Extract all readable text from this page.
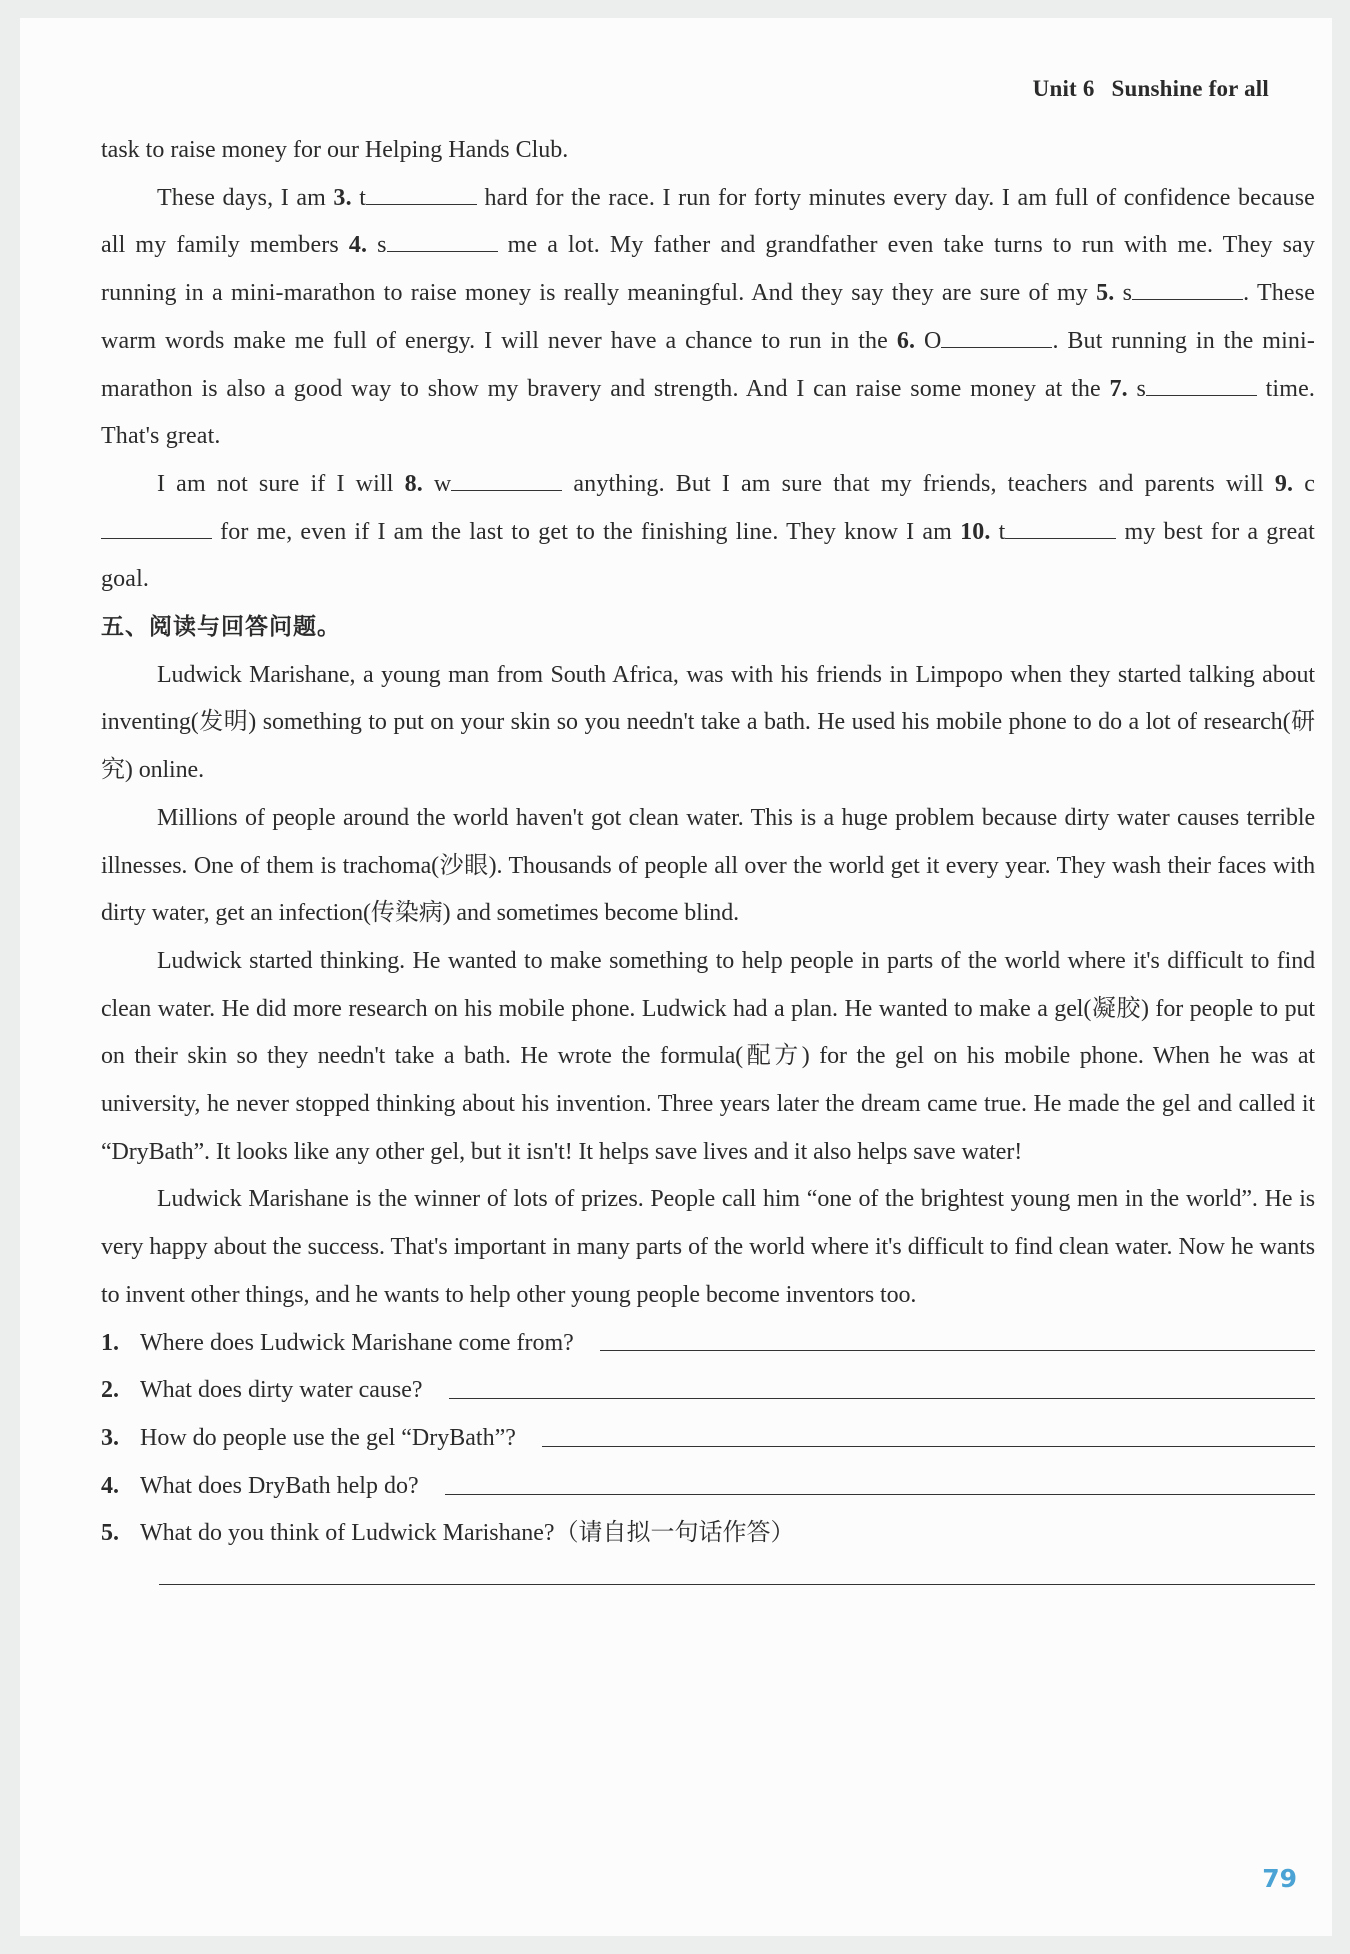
Unit 6 Sunshine for all

task to raise money for our Helping Hands Club.

These days, I am 3. t	hard for the race. I run for forty minutes every day. I am full of confidence because all my family members 4. s	me a lot. My father and grandfather even take turns to run with me. They say running in a mini-marathon to raise money is really meaningful. And they say they are sure of my 5. s	. These warm words make me full of energy. I will never have a chance to run in the 6. O	. But running in the mini-marathon is also a good way to show my bravery and strength. And I can raise some money at the 7. s	time. That's great.

I am not sure if I will 8. w	anything. But I am sure that my friends, teachers and parents will 9. c for me, even if I am the last to get to the finishing line. They know I am 10. t	my best for a great goal.

五、阅读与回答问题。

Ludwick Marishane, a young man from South Africa, was with his friends in Limpopo when they started talking about inventing(发明) something to put on your skin so you needn't take a bath. He used his mobile phone to do a lot of research(研究) online.

Millions of people around the world haven't got clean water. This is a huge problem because dirty water causes terrible illnesses. One of them is trachoma(沙眼). Thousands of people all over the world get it every year. They wash their faces with dirty water, get an infection(传染病) and sometimes become blind.

Ludwick started thinking. He wanted to make something to help people in parts of the world where it's difficult to find clean water. He did more research on his mobile phone. Ludwick had a plan. He wanted to make a gel(凝胶) for people to put on their skin so they needn't take a bath. He wrote the formula(配方) for the gel on his mobile phone. When he was at university, he never stopped thinking about his invention. Three years later the dream came true. He made the gel and called it “DryBath”. It looks like any other gel, but it isn't! It helps save lives and it also helps save water!

Ludwick Marishane is the winner of lots of prizes. People call him “one of the brightest young men in the world”. He is very happy about the success. That's important in many parts of the world where it's difficult to find clean water. Now he wants to invent other things, and he wants to help other young people become inventors too.

1. Where does Ludwick Marishane come from?
2. What does dirty water cause?
3. How do people use the gel “DryBath”?
4. What does DryBath help do?
5. What do you think of Ludwick Marishane?（请自拟一句话作答）
79
